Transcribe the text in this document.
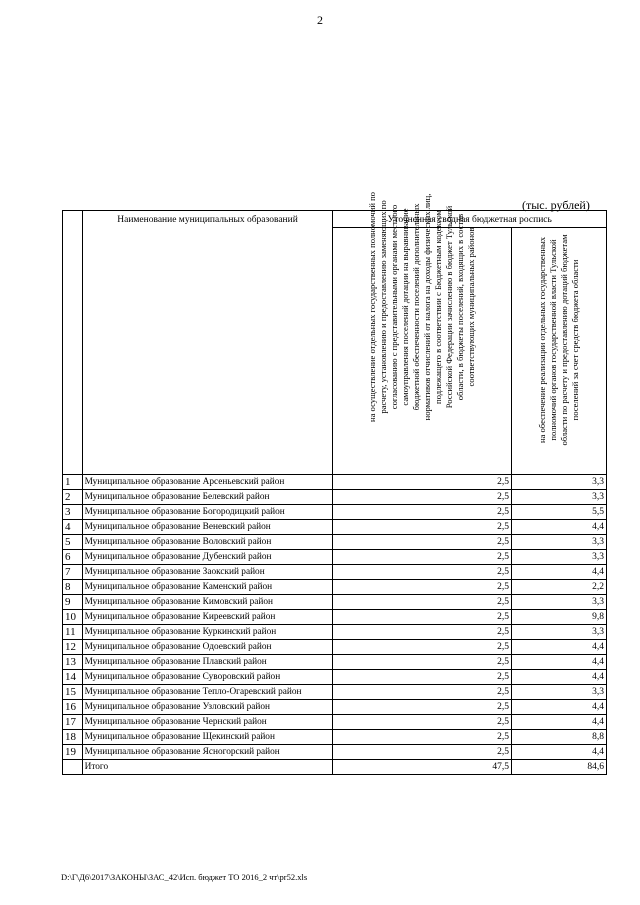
2
(тыс. рублей)
	Наименование муниципальных образований	Уточненная сводная бюджетная роспись	

		на осуществление отдельных государственных полномочий по расчету, установлению и предоставлению заменяющих по согласованию с представительными органами местного самоуправления поселений дотации на выравнивание бюджетной обеспеченности поселений дополнительных нормативов отчислений от налога на доходы физических лиц, подлежащего в соответствии с Бюджетным кодексом Российской Федерации зачислению в бюджет Тульской области, в бюджеты поселений, входящих в состав соответствующих муниципальных районов	на обеспечение реализации отдельных государственных полномочий органов государственной власти Тульской области по расчету и предоставлению дотаций бюджетам поселений за счет средств бюджета области

1	Муниципальное образование Арсеньевский район	2,5	3,3
2	Муниципальное образование Белевский район	2,5	3,3
3	Муниципальное образование Богородицкий район	2,5	5,5
4	Муниципальное образование Веневский район	2,5	4,4
5	Муниципальное образование Воловский район	2,5	3,3
6	Муниципальное образование Дубенский район	2,5	3,3
7	Муниципальное образование Заокский район	2,5	4,4
8	Муниципальное образование Каменский район	2,5	2,2
9	Муниципальное образование Кимовский район	2,5	3,3
10	Муниципальное образование Киреевский район	2,5	9,8
11	Муниципальное образование Куркинский район	2,5	3,3
12	Муниципальное образование Одоевский район	2,5	4,4
13	Муниципальное образование Плавский район	2,5	4,4
14	Муниципальное образование Суворовский район	2,5	4,4
15	Муниципальное образование Тепло-Огаревский район	2,5	3,3
16	Муниципальное образование Узловский район	2,5	4,4
17	Муниципальное образование Чернский район	2,5	4,4
18	Муниципальное образование Щекинский район	2,5	8,8
19	Муниципальное образование Ясногорский район	2,5	4,4
	Итого	47,5	84,6
D:\Г\Д6\2017\ЗАКОНЫ\ЗАС_42\Исп. бюджет ТО 2016_2 чт\pr52.xls
